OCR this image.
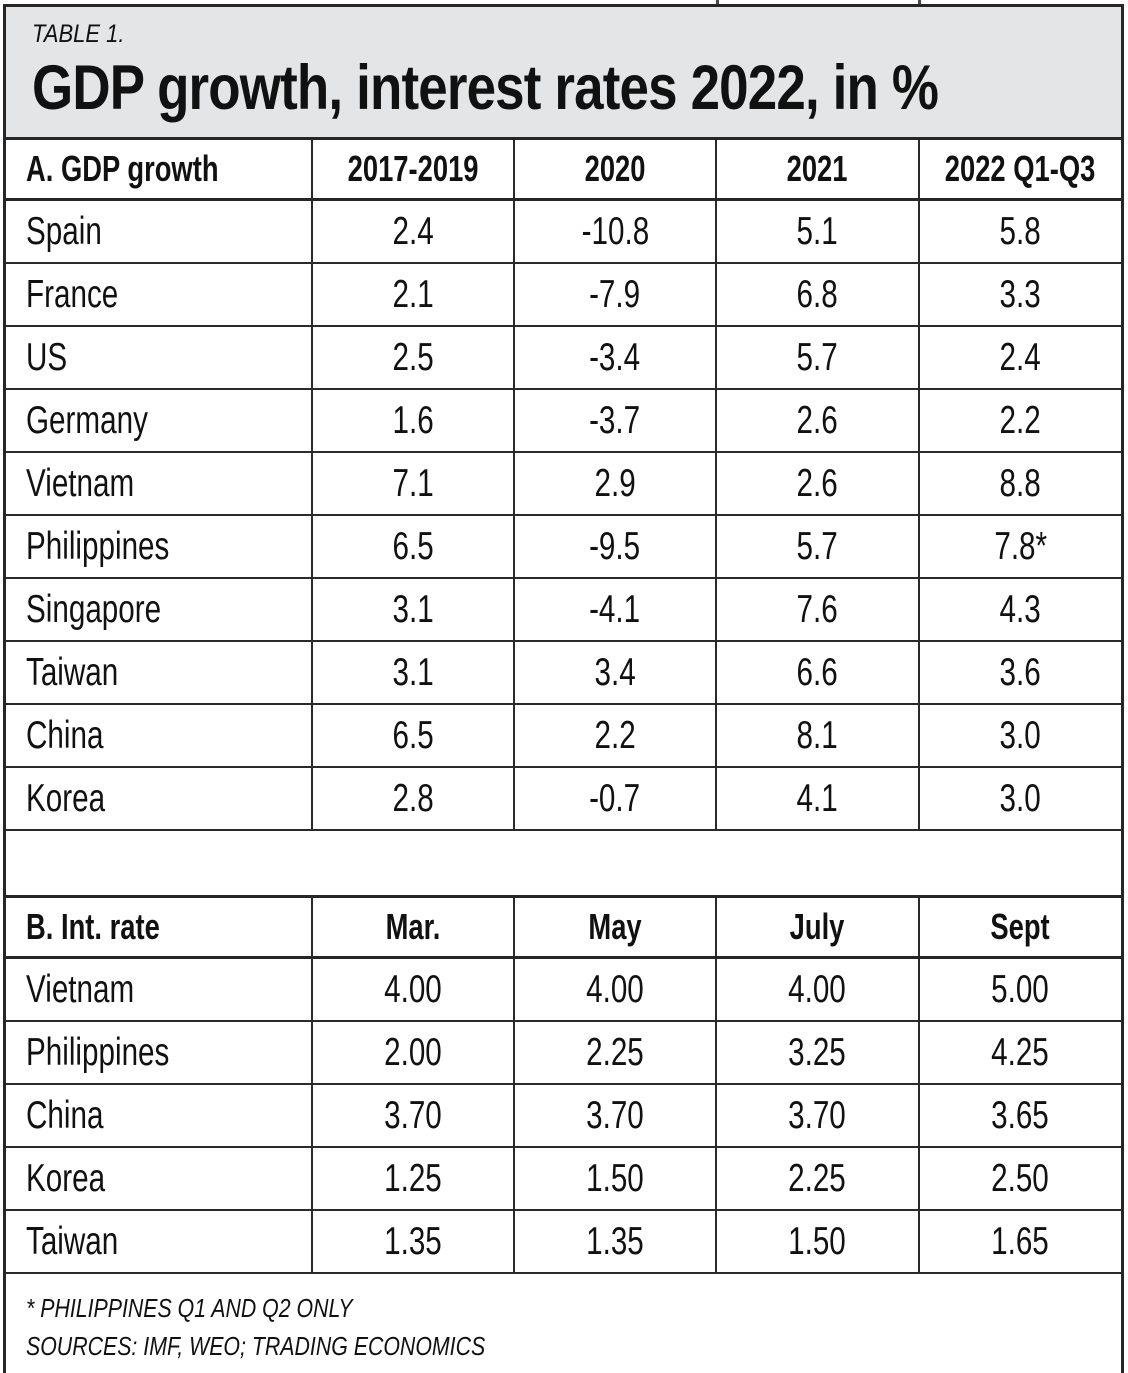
TABLE 1.
GDP growth, interest rates 2022, in %
A. GDP growth	2017-2019	2020	2021	2022 Q1-Q3
Spain	2.4	-10.8	5.1	5.8
France	2.1	-7.9	6.8	3.3
US	2.5	-3.4	5.7	2.4
Germany	1.6	-3.7	2.6	2.2
Vietnam	7.1	2.9	2.6	8.8
Philippines	6.5	-9.5	5.7	7.8*
Singapore	3.1	-4.1	7.6	4.3
Taiwan	3.1	3.4	6.6	3.6
China	6.5	2.2	8.1	3.0
Korea	2.8	-0.7	4.1	3.0

B. Int. rate	Mar.	May	July	Sept
Vietnam	4.00	4.00	4.00	5.00
Philippines	2.00	2.25	3.25	4.25
China	3.70	3.70	3.70	3.65
Korea	1.25	1.50	2.25	2.50
Taiwan	1.35	1.35	1.50	1.65

* PHILIPPINES Q1 AND Q2 ONLY
SOURCES: IMF, WEO; TRADING ECONOMICS				
